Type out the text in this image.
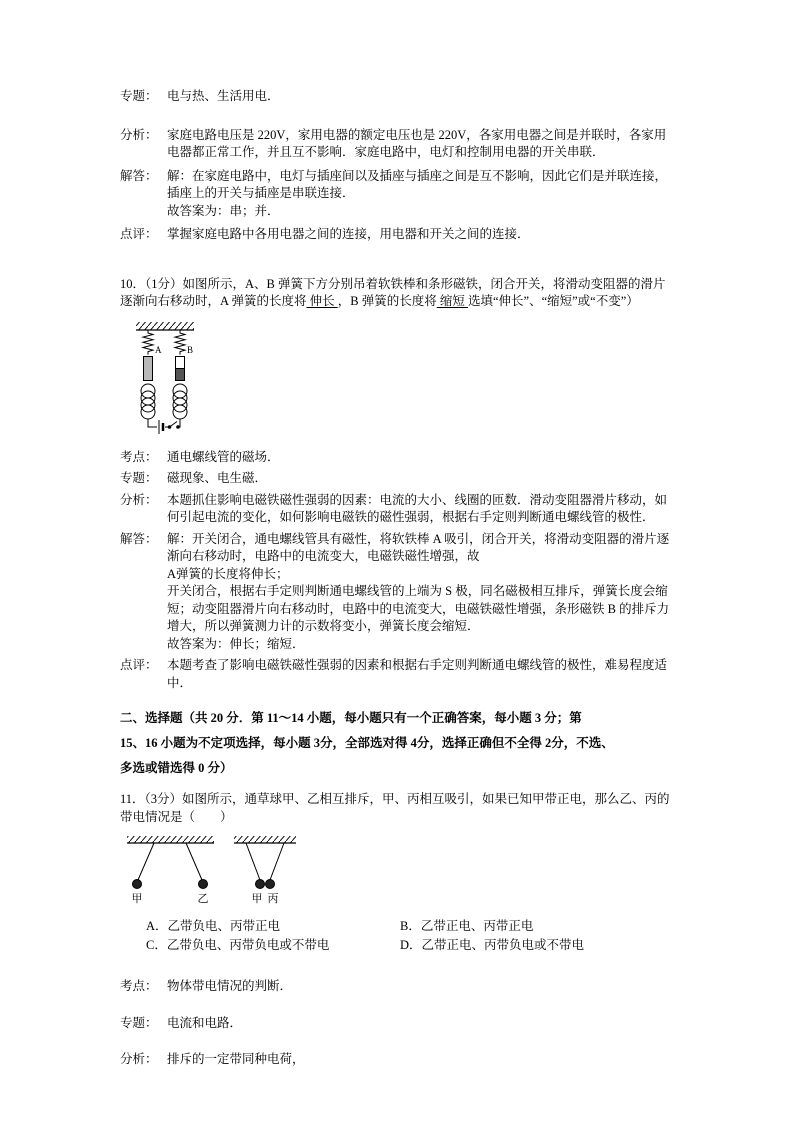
专题： 电与热、生活用电．
分析： 家庭电路电压是 220V，家用电器的额定电压也是 220V，各家用电器之间是并联时，各家用电器都正常工作，并且互不影响．家庭电路中，电灯和控制用电器的开关串联．
解答： 解：在家庭电路中，电灯与插座间以及插座与插座之间是互不影响，因此它们是并联连接，插座上的开关与插座是串联连接．
故答案为：串；并．
点评： 掌握家庭电路中各用电器之间的连接，用电器和开关之间的连接．

10．（1分）如图所示，A、B 弹簧下方分别吊着软铁棒和条形磁铁，闭合开关，将滑动变阻器的滑片逐渐向右移动时，A 弹簧的长度将 伸长 ，B 弹簧的长度将 缩短 选填“伸长”、“缩短”或“不变”）

A	B
考点： 通电螺线管的磁场．
专题： 磁现象、电生磁．
分析： 本题抓住影响电磁铁磁性强弱的因素：电流的大小、线圈的匝数．滑动变阻器滑片移动，如何引起电流的变化，如何影响电磁铁的磁性强弱，根据右手定则判断通电螺线管的极性．
解答： 解：开关闭合，通电螺线管具有磁性，将软铁棒 A 吸引，闭合开关，将滑动变阻器的滑片逐渐向右移动时，电路中的电流变大，电磁铁磁性增强，故
A弹簧的长度将伸长；
开关闭合，根据右手定则判断通电螺线管的上端为 S 极，同名磁极相互排斥，弹簧长度会缩短；动变阻器滑片向右移动时，电路中的电流变大，电磁铁磁性增强，条形磁铁 B 的排斥力增大，所以弹簧测力计的示数将变小，弹簧长度会缩短．
故答案为：伸长；缩短．
点评： 本题考查了影响电磁铁磁性强弱的因素和根据右手定则判断通电螺线管的极性，难易程度适中．
二、选择题（共 20 分．第 11～14 小题，每小题只有一个正确答案，每小题 3 分；第
15、16 小题为不定项选择，每小题 3分，全部选对得 4分，选择正确但不全得 2分，不选、
多选或错选得 0 分）

11．（3分）如图所示，通草球甲、乙相互排斥，甲、丙相互吸引，如果已知甲带正电，那么乙、丙的带电情况是（　　）

甲	乙	甲 丙
A．乙带负电、丙带正电	B．乙带正电、丙带正电
C．乙带负电、丙带负电或不带电	D．乙带正电、丙带负电或不带电
考点： 物体带电情况的判断．
专题： 电流和电路．
分析： 排斥的一定带同种电荷，
